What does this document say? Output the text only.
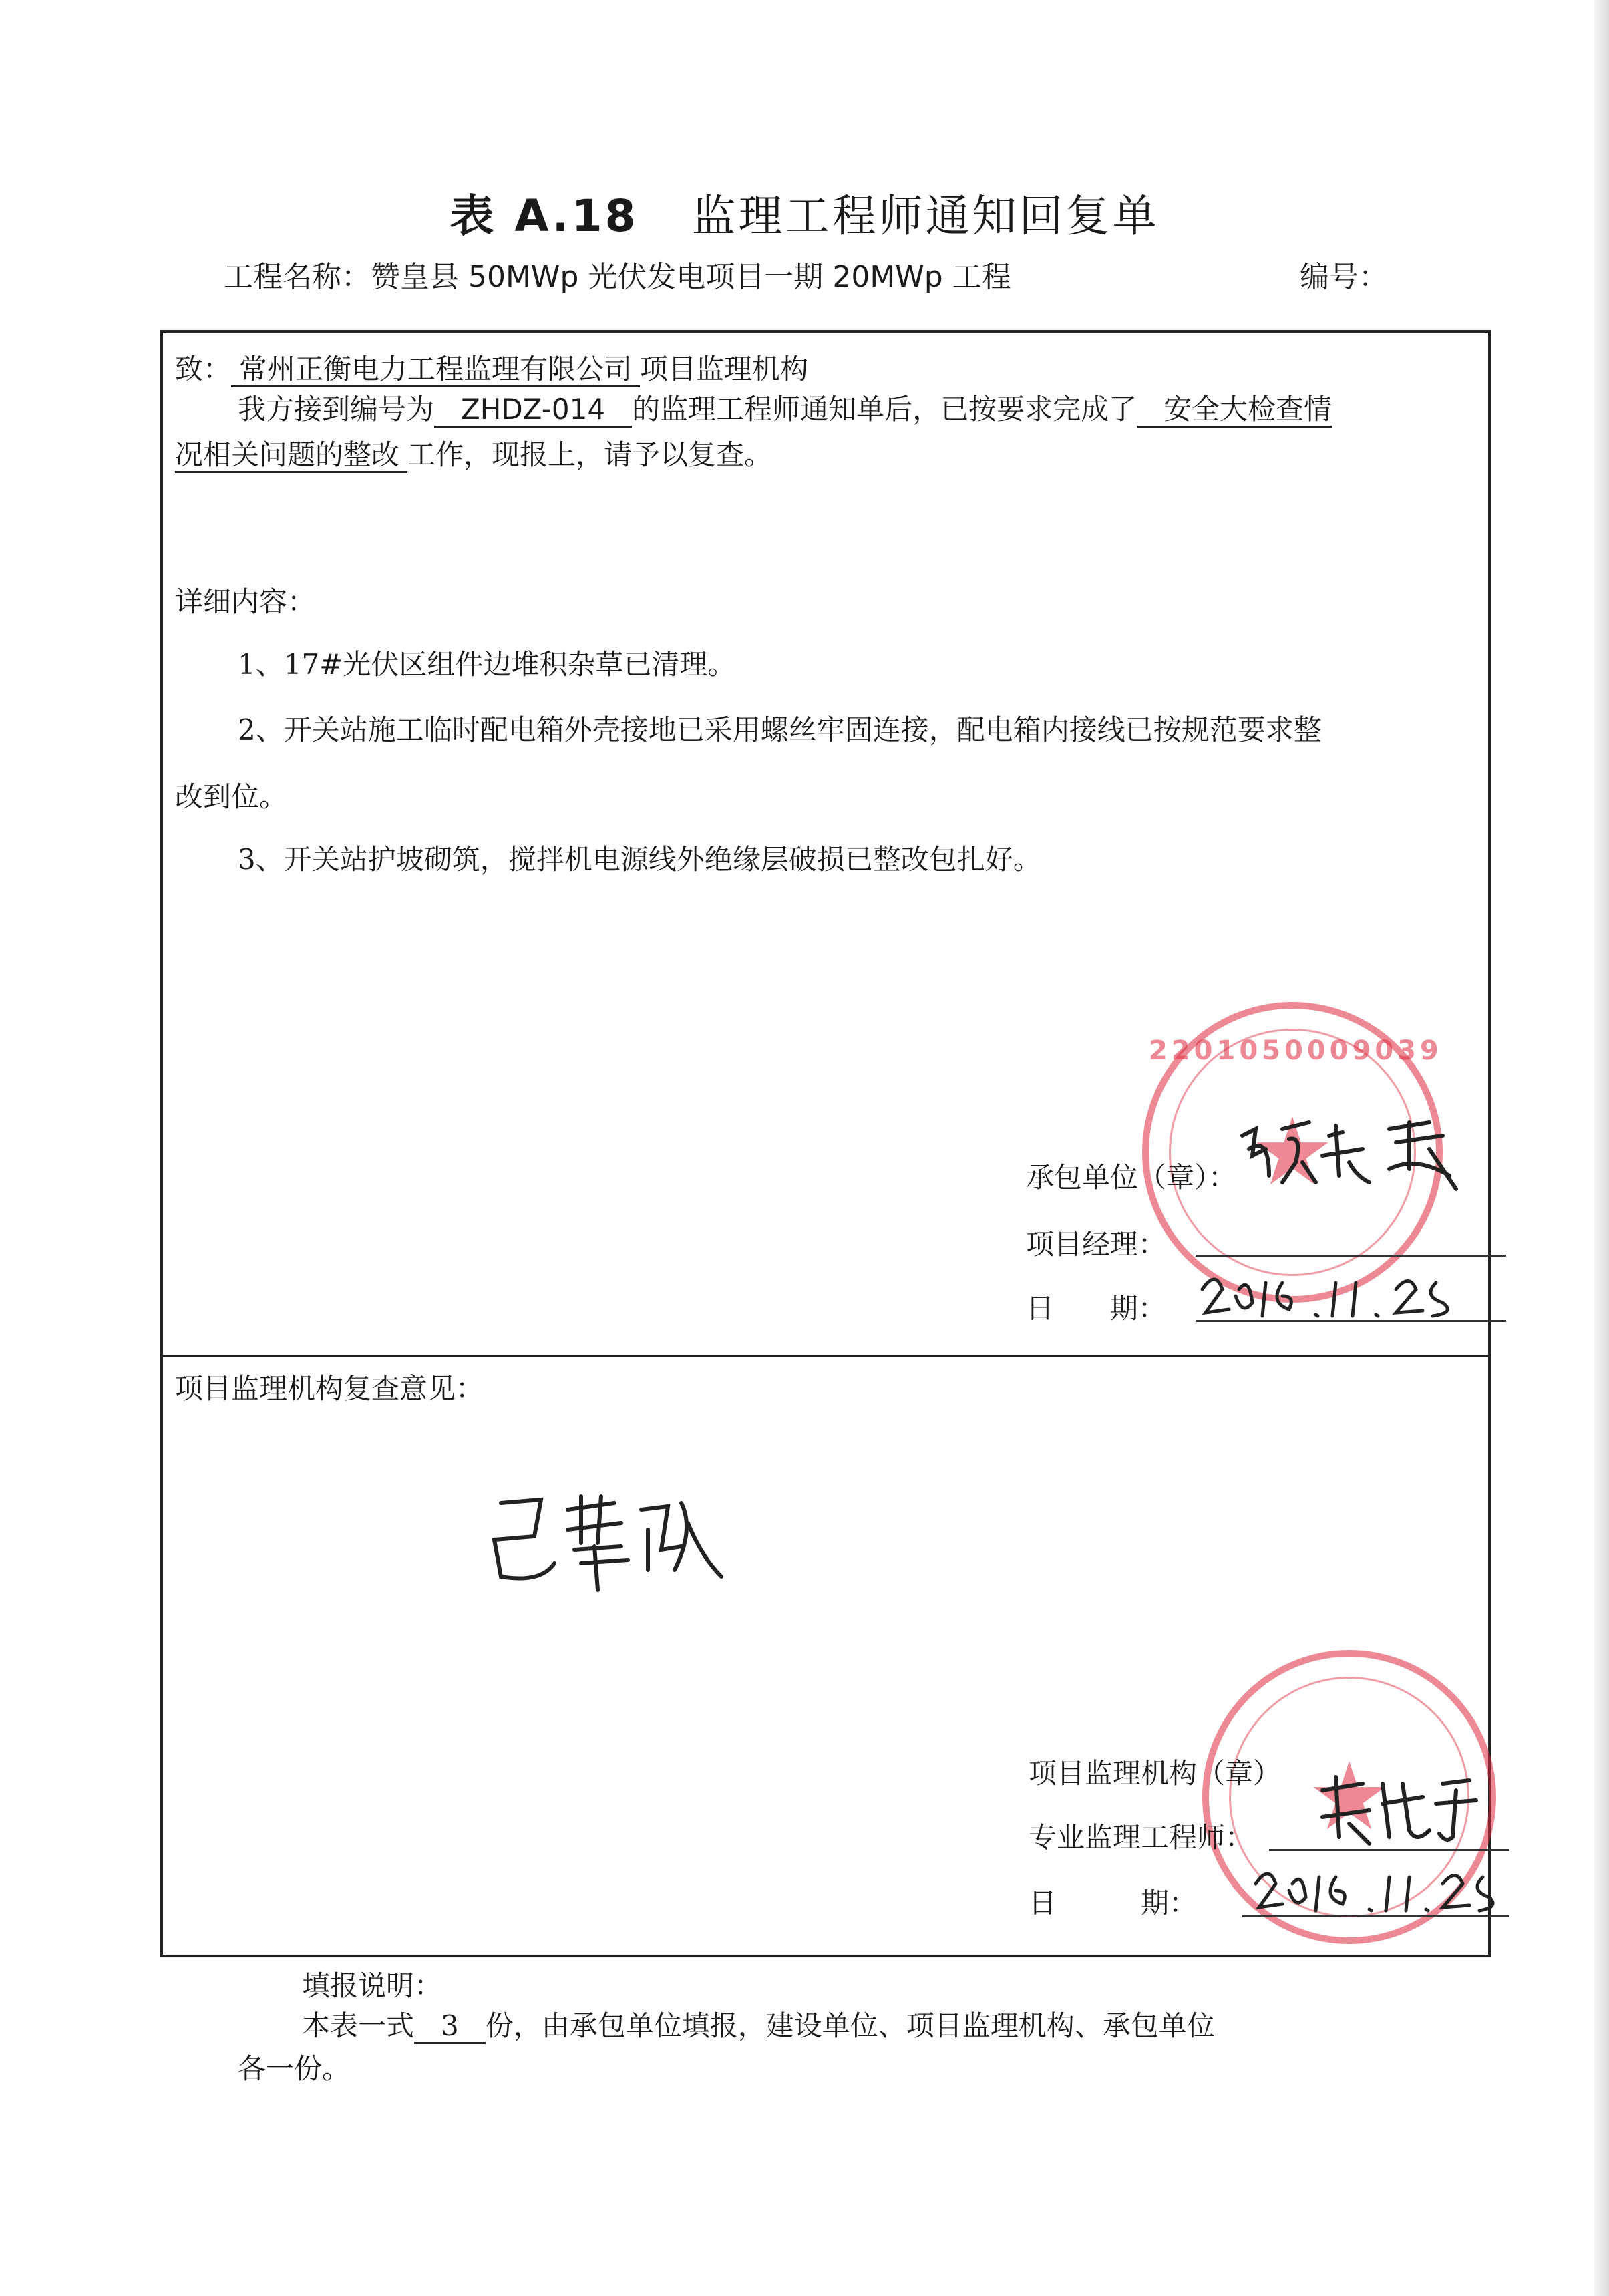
表 A.18 监理工程师通知回复单
工程名称：赞皇县 50MWp 光伏发电项目一期 20MWp 工程	编号：
致： 常州正衡电力工程监理有限公司 项目监理机构
我方接到编号为 ZHDZ-014 的监理工程师通知单后，已按要求完成了 安全大检查情
况相关问题的整改 工作，现报上，请予以复查。
详细内容：
1、17#光伏区组件边堆积杂草已清理。
2、开关站施工临时配电箱外壳接地已采用螺丝牢固连接，配电箱内接线已按规范要求整
改到位。
3、开关站护坡砌筑，搅拌机电源线外绝缘层破损已整改包扎好。
2201050009039
★
承包单位（章）：
项目经理：
日　　期：
项目监理机构复查意见：
★
项目监理机构（章）
专业监理工程师：
日　　　期：
填报说明：
本表一式 3 份，由承包单位填报，建设单位、项目监理机构、承包单位
各一份。
